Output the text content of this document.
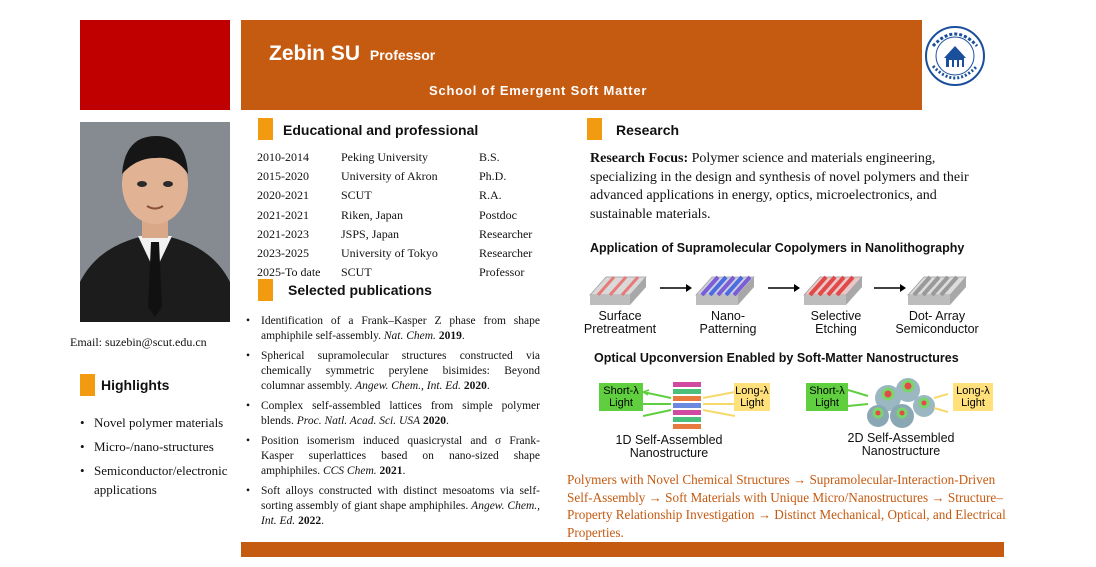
Zebin SU Professor
School of Emergent Soft Matter
Email: suzebin@scut.edu.cn
Highlights
• Novel polymer materials
• Micro-/nano-structures
• Semiconductor/electronic applications
Educational and professional
2010-2014	Peking University	B.S.
2015-2020	University of Akron	Ph.D.
2020-2021	SCUT	R.A.
2021-2021	Riken, Japan	Postdoc
2021-2023	JSPS, Japan	Researcher
2023-2025	University of Tokyo	Researcher
2025-To date	SCUT	Professor
Selected publications
• Identification of a Frank–Kasper Z phase from shape amphiphile self-assembly. Nat. Chem. 2019.
• Spherical supramolecular structures constructed via chemically symmetric perylene bisimides: Beyond columnar assembly. Angew. Chem., Int. Ed. 2020.
• Complex self-assembled lattices from simple polymer blends. Proc. Natl. Acad. Sci. USA 2020.
• Position isomerism induced quasicrystal and σ Frank-Kasper superlattices based on nano-sized shape amphiphiles. CCS Chem. 2021.
• Soft alloys constructed with distinct mesoatoms via self-sorting assembly of giant shape amphiphiles. Angew. Chem., Int. Ed. 2022.
Research
Research Focus: Polymer science and materials engineering, specializing in the design and synthesis of novel polymers and their advanced applications in energy, optics, microelectronics, and sustainable materials.
Application of Supramolecular Copolymers in Nanolithography
Surface
Pretreatment
Nano-
Patterning
Selective
Etching
Dot- Array
Semiconductor
Optical Upconversion Enabled by Soft-Matter Nanostructures
Short-λ Light
Long-λ Light
1D Self-Assembled
Nanostructure
Short-λ Light
Long-λ Light
2D Self-Assembled
Nanostructure
Polymers with Novel Chemical Structures → Supramolecular-Interaction-Driven Self-Assembly → Soft Materials with Unique Micro/Nanostructures → Structure–Property Relationship Investigation → Distinct Mechanical, Optical, and Electrical Properties.
